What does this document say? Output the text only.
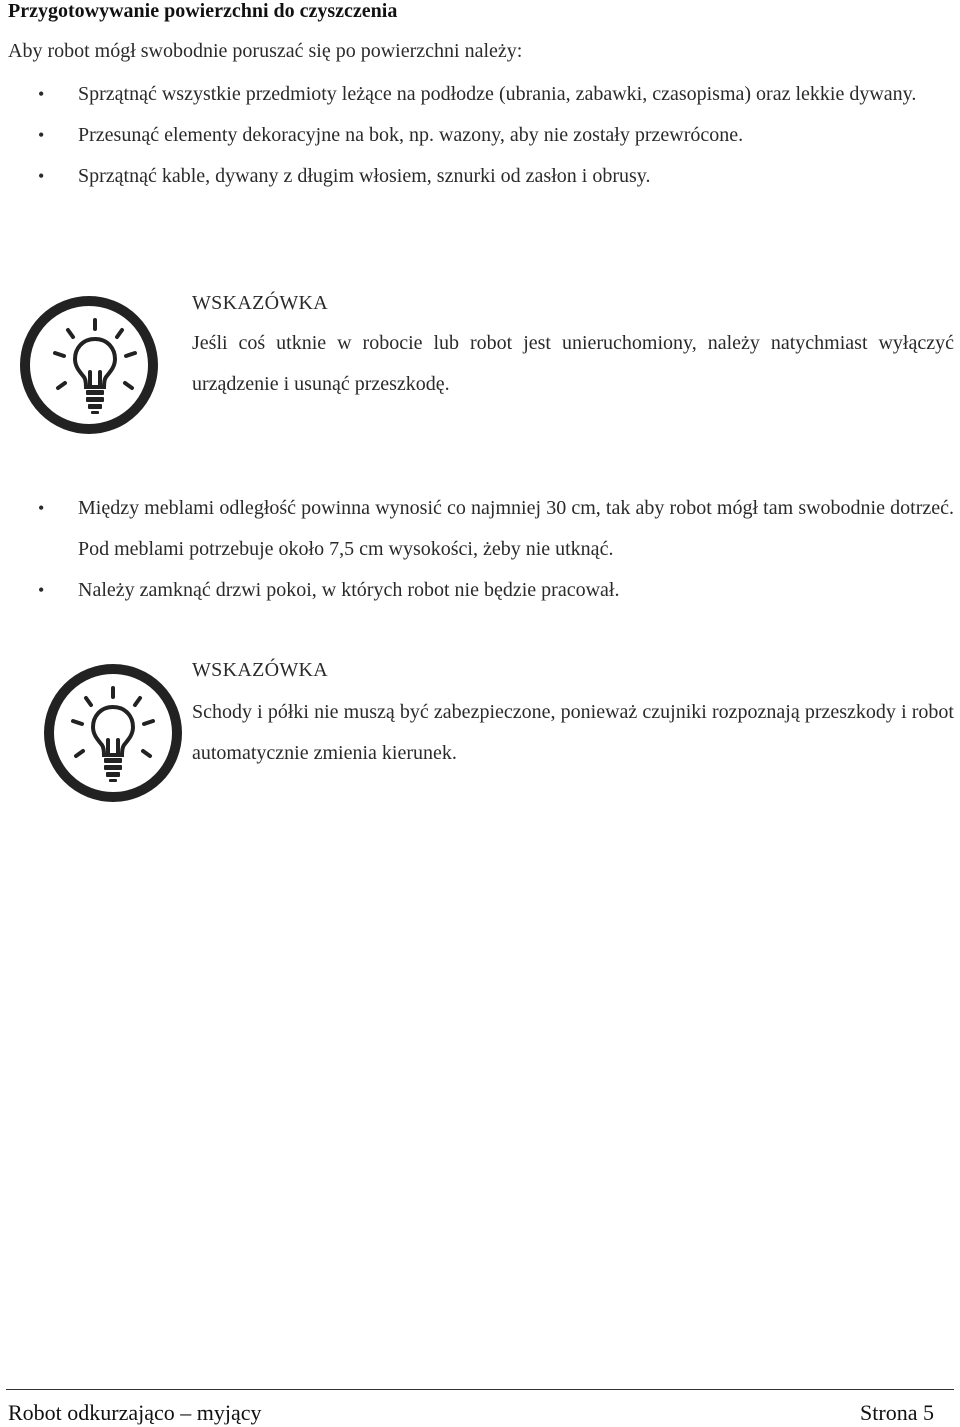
Przygotowywanie powierzchni do czyszczenia
Aby robot mógł swobodnie poruszać się po powierzchni należy:
• Sprzątnąć wszystkie przedmioty leżące na podłodze (ubrania, zabawki, czasopisma) oraz lekkie dywany.
• Przesunąć elementy dekoracyjne na bok, np. wazony, aby nie zostały przewrócone.
• Sprzątnąć kable, dywany z długim włosiem, sznurki od zasłon i obrusy.
WSKAZÓWKA
Jeśli coś utknie w robocie lub robot jest unieruchomiony, należy natychmiast wyłączyć urządzenie i usunąć przeszkodę.
• Między meblami odległość powinna wynosić co najmniej 30 cm, tak aby robot mógł tam swobodnie dotrzeć. Pod meblami potrzebuje około 7,5 cm wysokości, żeby nie utknąć.
• Należy zamknąć drzwi pokoi, w których robot nie będzie pracował.
WSKAZÓWKA
Schody i półki nie muszą być zabezpieczone, ponieważ czujniki rozpoznają przeszkody i robot automatycznie zmienia kierunek.
Robot odkurzająco – myjący	Strona 5
